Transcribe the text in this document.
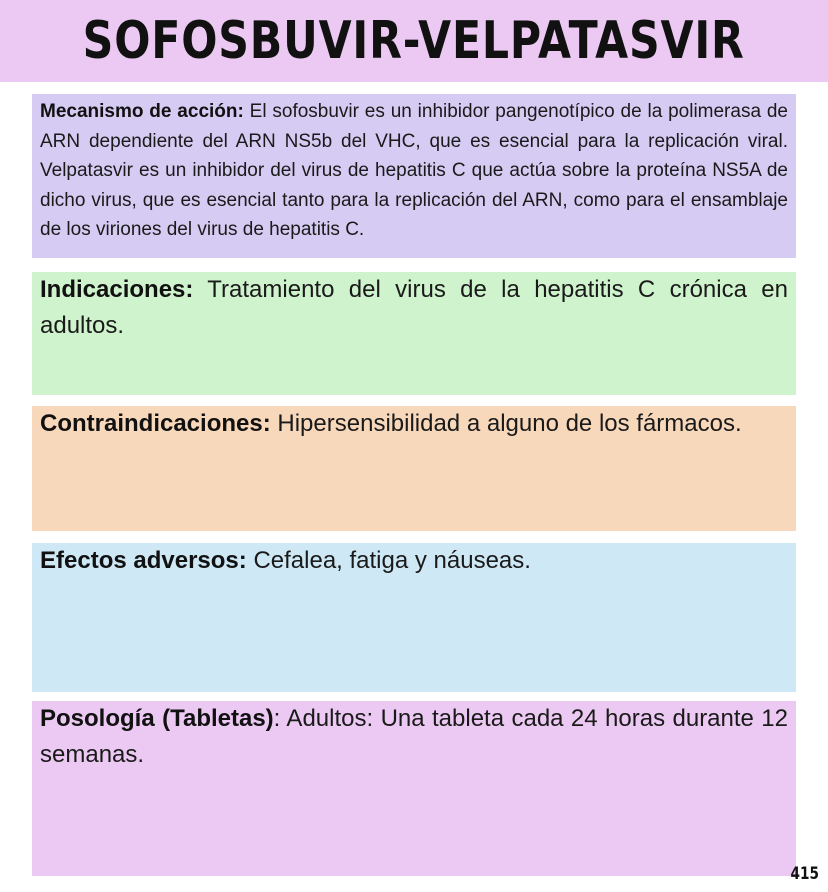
SOFOSBUVIR-VELPATASVIR
Mecanismo de acción: El sofosbuvir es un inhibidor pangenotípico de la polimerasa de ARN dependiente del ARN NS5b del VHC, que es esencial para la replicación viral. Velpatasvir es un inhibidor del virus de hepatitis C que actúa sobre la proteína NS5A de dicho virus, que es esencial tanto para la replicación del ARN, como para el ensamblaje de los viriones del virus de hepatitis C.
Indicaciones: Tratamiento del virus de la hepatitis C crónica en adultos.
Contraindicaciones: Hipersensibilidad a alguno de los fármacos.
Efectos adversos: Cefalea, fatiga y náuseas.
Posología (Tabletas): Adultos: Una tableta cada 24 horas durante 12 semanas.
415
